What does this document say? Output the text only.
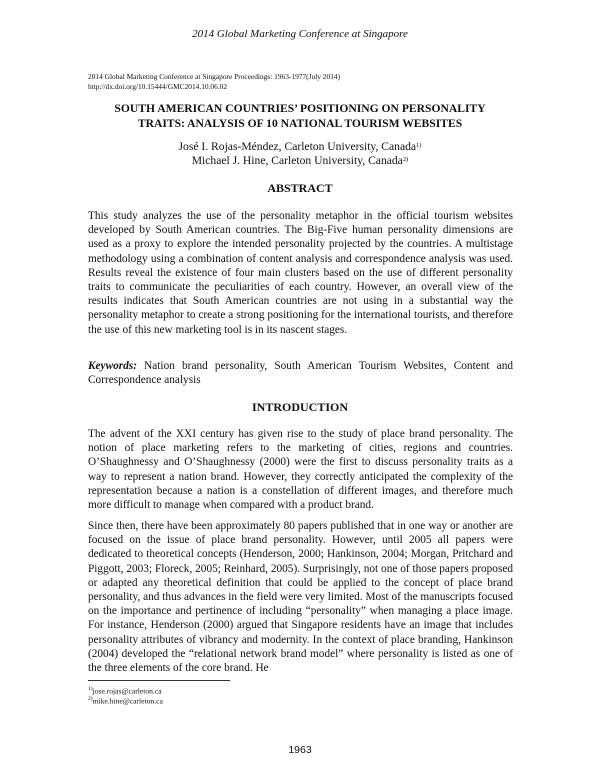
2014 Global Marketing Conference at Singapore
2014 Global Marketing Conference at Singapore Proceedings: 1963-1977(July 2014)
http://dx.doi.org/10.15444/GMC2014.10.06.02
SOUTH AMERICAN COUNTRIES’ POSITIONING ON PERSONALITY
TRAITS: ANALYSIS OF 10 NATIONAL TOURISM WEBSITES
José I. Rojas-Méndez, Carleton University, Canada$^{1)}$
Michael J. Hine, Carleton University, Canada$^{2)}$
ABSTRACT

This study analyzes the use of the personality metaphor in the official tourism websites developed by South American countries. The Big-Five human personality dimensions are used as a proxy to explore the intended personality projected by the countries. A multistage methodology using a combination of content analysis and correspondence analysis was used. Results reveal the existence of four main clusters based on the use of different personality traits to communicate the peculiarities of each country. However, an overall view of the results indicates that South American countries are not using in a substantial way the personality metaphor to create a strong positioning for the international tourists, and therefore the use of this new marketing tool is in its nascent stages.

Keywords: Nation brand personality, South American Tourism Websites, Content and Correspondence analysis

INTRODUCTION

The advent of the XXI century has given rise to the study of place brand personality. The notion of place marketing refers to the marketing of cities, regions and countries. O’Shaughnessy and O’Shaughnessy (2000) were the first to discuss personality traits as a way to represent a nation brand. However, they correctly anticipated the complexity of the representation because a nation is a constellation of different images, and therefore much more difficult to manage when compared with a product brand.

Since then, there have been approximately 80 papers published that in one way or another are focused on the issue of place brand personality. However, until 2005 all papers were dedicated to theoretical concepts (Henderson, 2000; Hankinson, 2004; Morgan, Pritchard and Piggott, 2003; Floreck, 2005; Reinhard, 2005). Surprisingly, not one of those papers proposed or adapted any theoretical definition that could be applied to the concept of place brand personality, and thus advances in the field were very limited. Most of the manuscripts focused on the importance and pertinence of including “personality” when managing a place image. For instance, Henderson (2000) argued that Singapore residents have an image that includes personality attributes of vibrancy and modernity. In the context of place branding, Hankinson (2004) developed the “relational network brand model” where personality is listed as one of the three elements of the core brand. He

$^{1)}$jose.rojas@carleton.ca
$^{2)}$mike.hine@carleton.ca
1963
